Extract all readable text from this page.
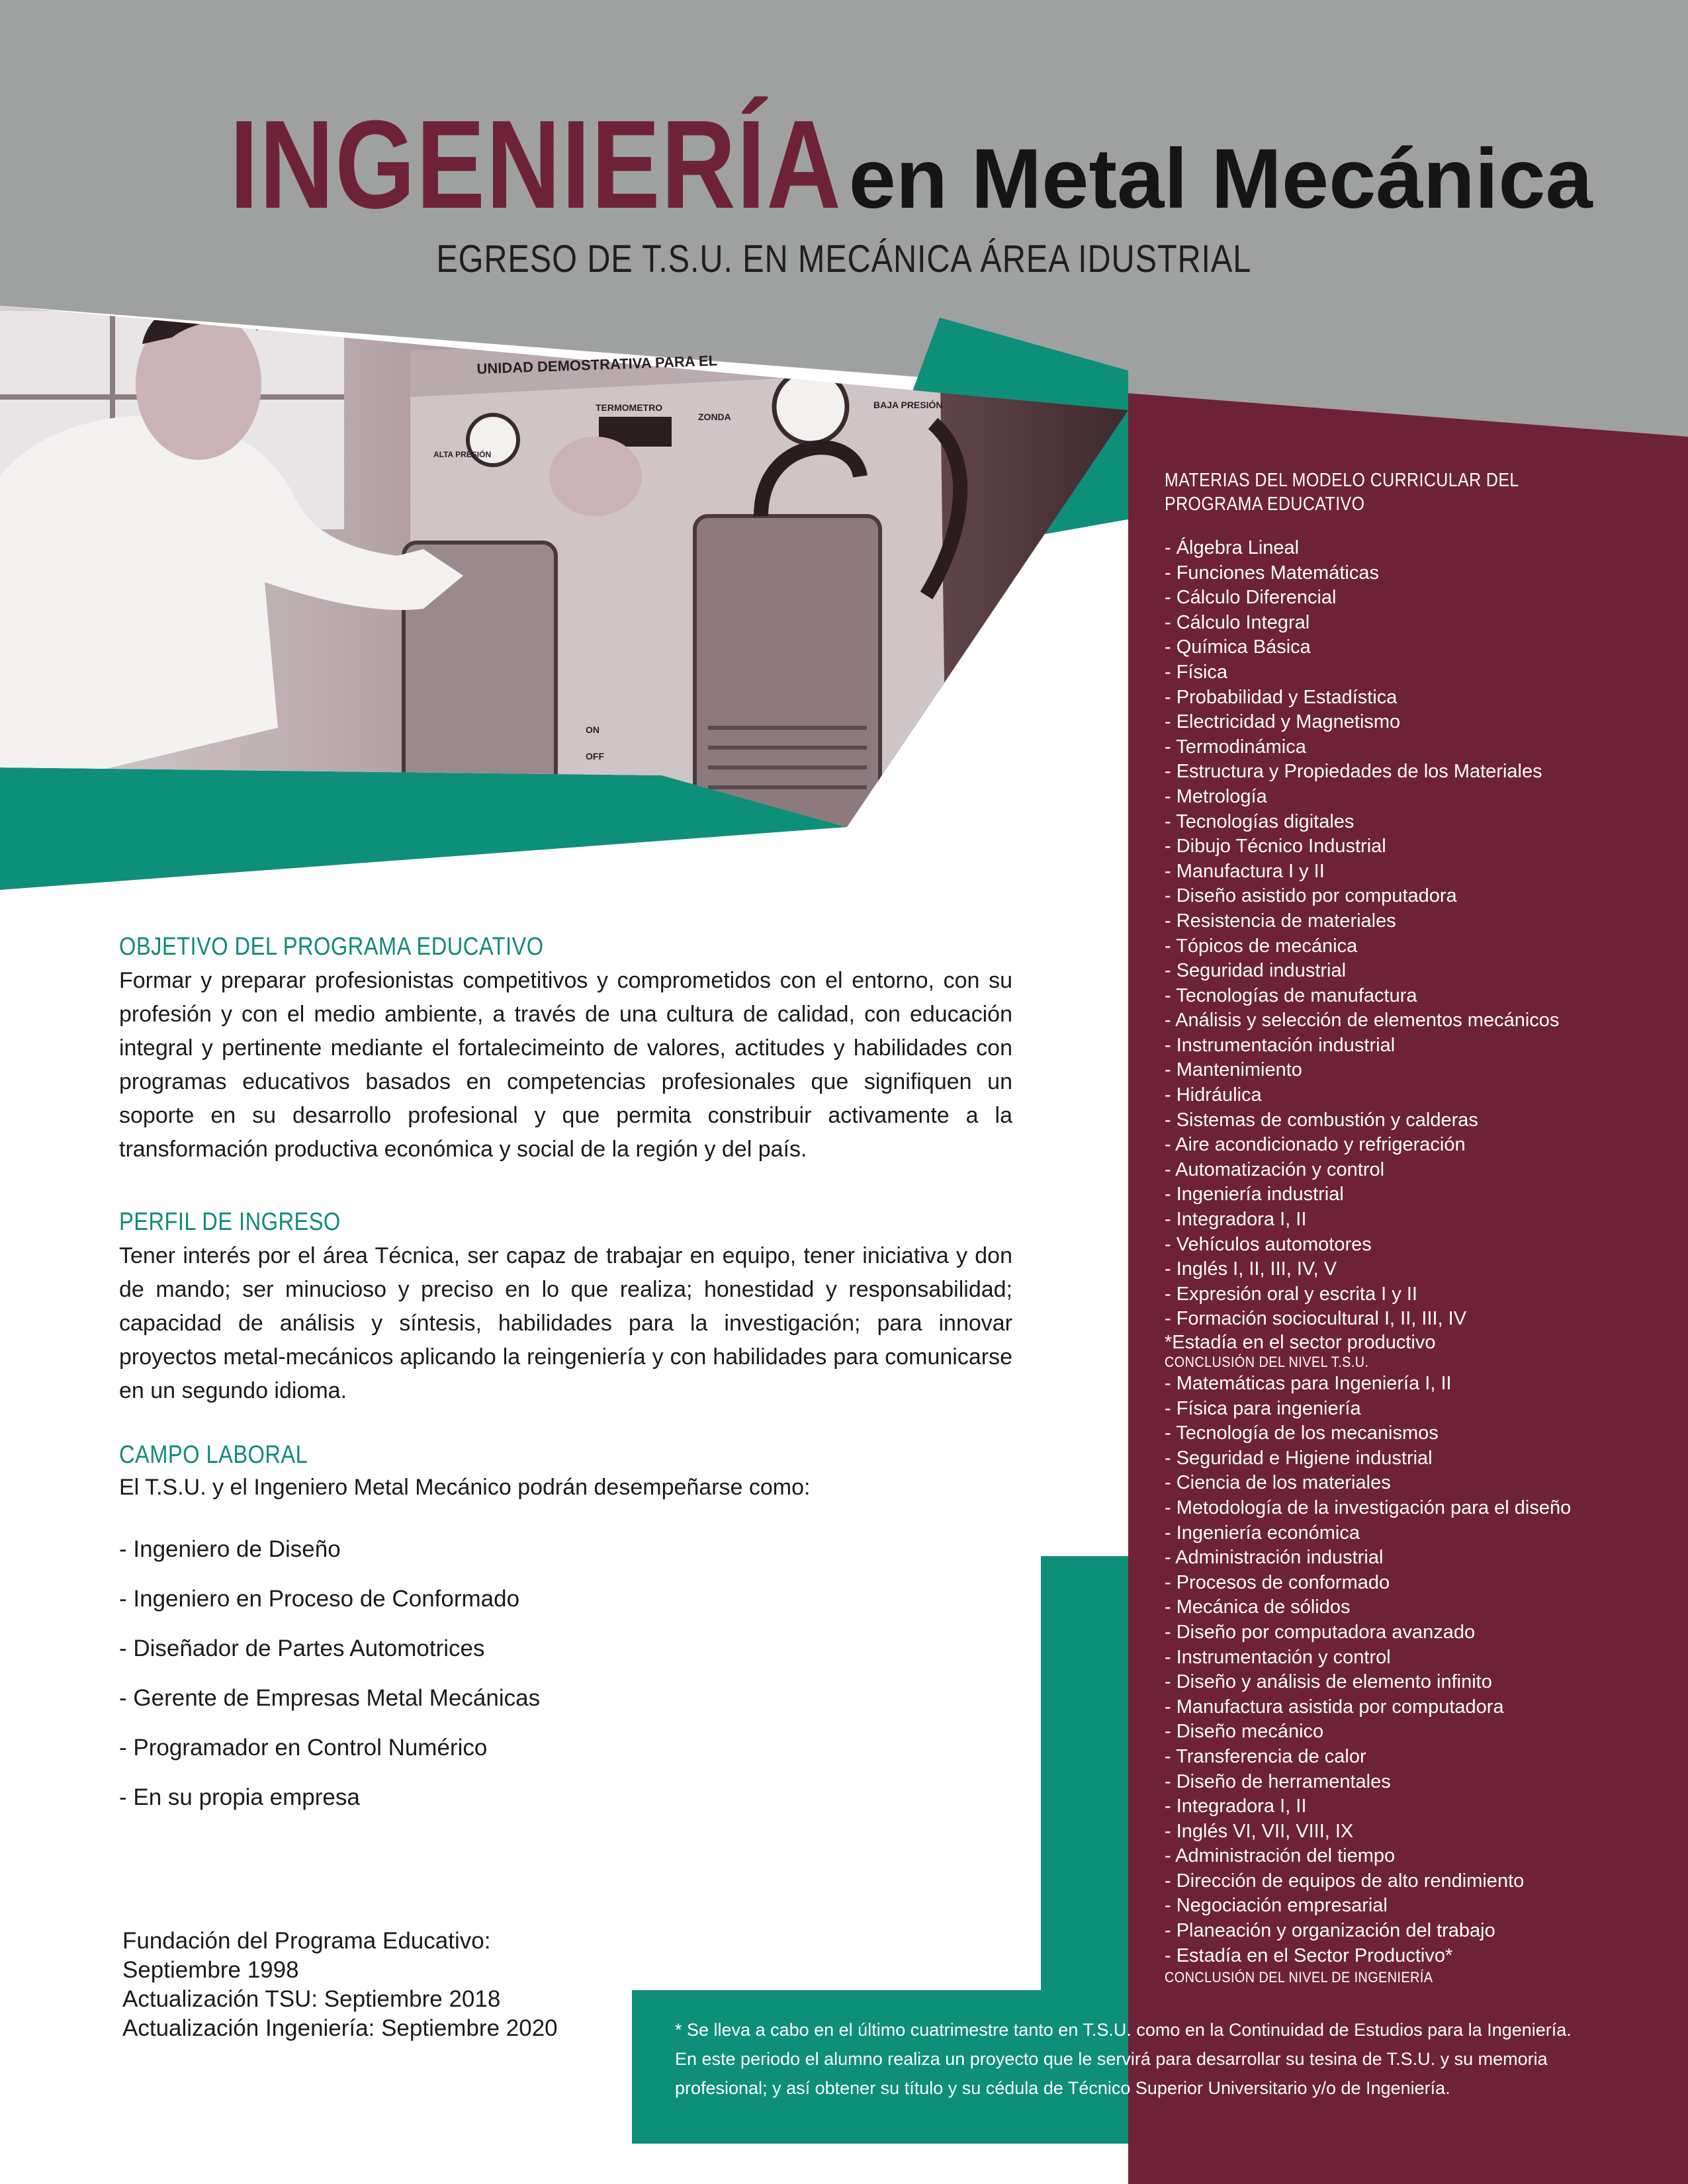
UNIDAD DEMOSTRATIVA PARA EL
TERMOMETRO
ZONDA
BAJA PRESIÓN
ALTA PRESIÓN
ON
OFF
INGENIERÍAen Metal Mecánica
EGRESO DE T.S.U. EN MECÁNICA ÁREA IDUSTRIAL
OBJETIVO DEL PROGRAMA EDUCATIVO
Formar y preparar profesionistas competitivos y comprometidos con el entorno, con su profesión y con el medio ambiente, a través de una cultura de calidad, con educación integral y pertinente mediante el fortalecimeinto de valores, actitudes y habilidades con programas educativos basados en competencias profesionales que signifiquen un soporte en su desarrollo profesional y que permita constribuir activamente a la transformación productiva económica y social de la región y del país.
PERFIL DE INGRESO
Tener interés por el área Técnica, ser capaz de trabajar en equipo, tener iniciativa y don de mando; ser minucioso y preciso en lo que realiza; honestidad y responsabilidad; capacidad de análisis y síntesis, habilidades para la investigación; para innovar proyectos metal-mecánicos aplicando la reingeniería y con habilidades para comunicarse en un segundo idioma.
CAMPO LABORAL
El T.S.U. y el Ingeniero Metal Mecánico podrán desempeñarse como:
- Ingeniero de Diseño
- Ingeniero en Proceso de Conformado
- Diseñador de Partes Automotrices
- Gerente de Empresas Metal Mecánicas
- Programador en Control Numérico
- En su propia empresa
Fundación del Programa Educativo:
Septiembre 1998
Actualización TSU: Septiembre 2018
Actualización Ingeniería: Septiembre 2020
MATERIAS DEL MODELO CURRICULAR DEL PROGRAMA EDUCATIVO
- Álgebra Lineal
- Funciones Matemáticas
- Cálculo Diferencial
- Cálculo Integral
- Química Básica
- Física
- Probabilidad y Estadística
- Electricidad y Magnetismo
- Termodinámica
- Estructura y Propiedades de los Materiales
- Metrología
- Tecnologías digitales
- Dibujo Técnico Industrial
- Manufactura I y II
- Diseño asistido por computadora
- Resistencia de materiales
- Tópicos de mecánica
- Seguridad industrial
- Tecnologías de manufactura
- Análisis y selección de elementos mecánicos
- Instrumentación industrial
- Mantenimiento
- Hidráulica
- Sistemas de combustión y calderas
- Aire acondicionado y refrigeración
- Automatización y control
- Ingeniería industrial
- Integradora I, II
- Vehículos automotores
- Inglés I, II, III, IV, V
- Expresión oral y escrita I y II
- Formación sociocultural I, II, III, IV
*Estadía en el sector productivo
CONCLUSIÓN DEL NIVEL T.S.U.
- Matemáticas para Ingeniería I, II
- Física para ingeniería
- Tecnología de los mecanismos
- Seguridad e Higiene industrial
- Ciencia de los materiales
- Metodología de la investigación para el diseño
- Ingeniería económica
- Administración industrial
- Procesos de conformado
- Mecánica de sólidos
- Diseño por computadora avanzado
- Instrumentación y control
- Diseño y análisis de elemento infinito
- Manufactura asistida por computadora
- Diseño mecánico
- Transferencia de calor
- Diseño de herramentales
- Integradora I, II
- Inglés VI, VII, VIII, IX
- Administración del tiempo
- Dirección de equipos de alto rendimiento
- Negociación empresarial
- Planeación y organización del trabajo
- Estadía en el Sector Productivo*
CONCLUSIÓN DEL NIVEL DE INGENIERÍA
* Se lleva a cabo en el último cuatrimestre tanto en T.S.U. como en la Continuidad de Estudios para la Ingeniería.
En este periodo el alumno realiza un proyecto que le servirá para desarrollar su tesina de T.S.U. y su memoria
profesional; y así obtener su título y su cédula de Técnico Superior Universitario y/o de Ingeniería.
